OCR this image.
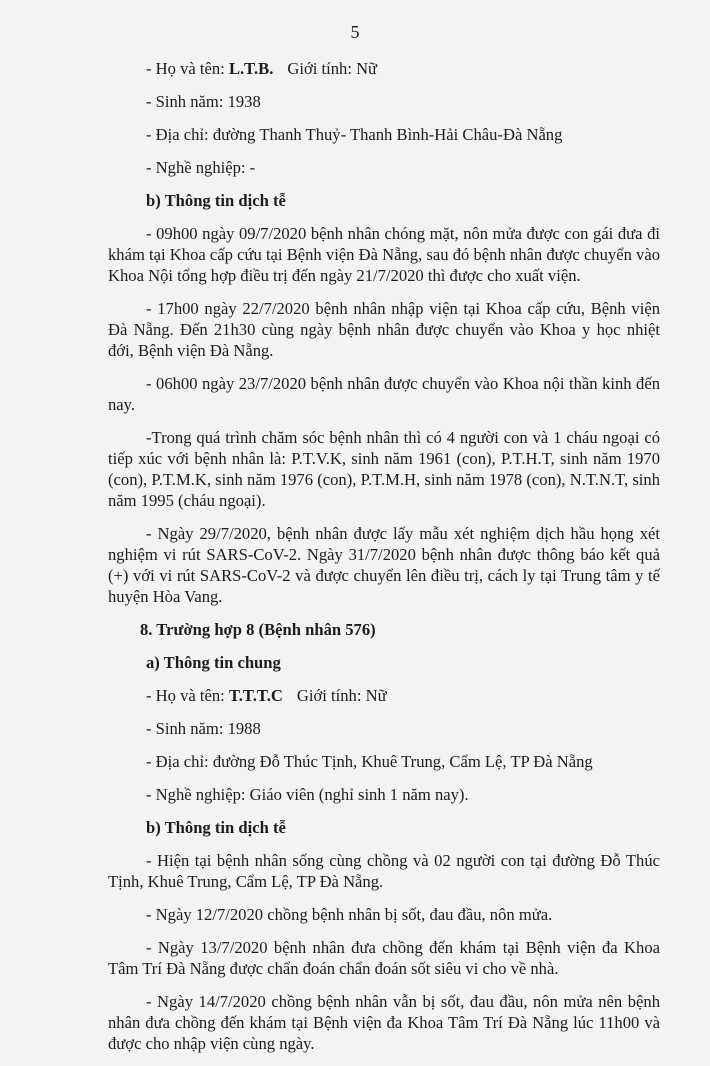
5
- Họ và tên: L.T.B. Giới tính: Nữ
- Sinh năm: 1938
- Địa chỉ: đường Thanh Thuỷ- Thanh Bình-Hải Châu-Đà Nẵng
- Nghề nghiệp: -
b) Thông tin dịch tễ

- 09h00 ngày 09/7/2020 bệnh nhân chóng mặt, nôn mửa được con gái đưa đi khám tại Khoa cấp cứu tại Bệnh viện Đà Nẵng, sau đó bệnh nhân được chuyển vào Khoa Nội tổng hợp điều trị đến ngày 21/7/2020 thì được cho xuất viện.

- 17h00 ngày 22/7/2020 bệnh nhân nhập viện tại Khoa cấp cứu, Bệnh viện Đà Nẵng. Đến 21h30 cùng ngày bệnh nhân được chuyển vào Khoa y học nhiệt đới, Bệnh viện Đà Nẵng.

- 06h00 ngày 23/7/2020 bệnh nhân được chuyển vào Khoa nội thần kinh đến nay.

-Trong quá trình chăm sóc bệnh nhân thì có 4 người con và 1 cháu ngoại có tiếp xúc với bệnh nhân là: P.T.V.K, sinh năm 1961 (con), P.T.H.T, sinh năm 1970 (con), P.T.M.K, sinh năm 1976 (con), P.T.M.H, sinh năm 1978 (con), N.T.N.T, sinh năm 1995 (cháu ngoại).

- Ngày 29/7/2020, bệnh nhân được lấy mẫu xét nghiệm dịch hầu họng xét nghiệm vi rút SARS-CoV-2. Ngày 31/7/2020 bệnh nhân được thông báo kết quả (+) với vi rút SARS-CoV-2 và được chuyển lên điều trị, cách ly tại Trung tâm y tế huyện Hòa Vang.

8. Trường hợp 8 (Bệnh nhân 576)
a) Thông tin chung
- Họ và tên: T.T.T.C Giới tính: Nữ
- Sinh năm: 1988
- Địa chỉ: đường Đỗ Thúc Tịnh, Khuê Trung, Cẩm Lệ, TP Đà Nẵng
- Nghề nghiệp: Giáo viên (nghỉ sinh 1 năm nay).
b) Thông tin dịch tễ

- Hiện tại bệnh nhân sống cùng chồng và 02 người con tại đường Đỗ Thúc Tịnh, Khuê Trung, Cẩm Lệ, TP Đà Nẵng.

- Ngày 12/7/2020 chồng bệnh nhân bị sốt, đau đầu, nôn mửa.

- Ngày 13/7/2020 bệnh nhân đưa chồng đến khám tại Bệnh viện đa Khoa Tâm Trí Đà Nẵng được chẩn đoán chẩn đoán sốt siêu vi cho về nhà.

- Ngày 14/7/2020 chồng bệnh nhân vẫn bị sốt, đau đầu, nôn mửa nên bệnh nhân đưa chồng đến khám tại Bệnh viện đa Khoa Tâm Trí Đà Nẵng lúc 11h00 và được cho nhập viện cùng ngày.
